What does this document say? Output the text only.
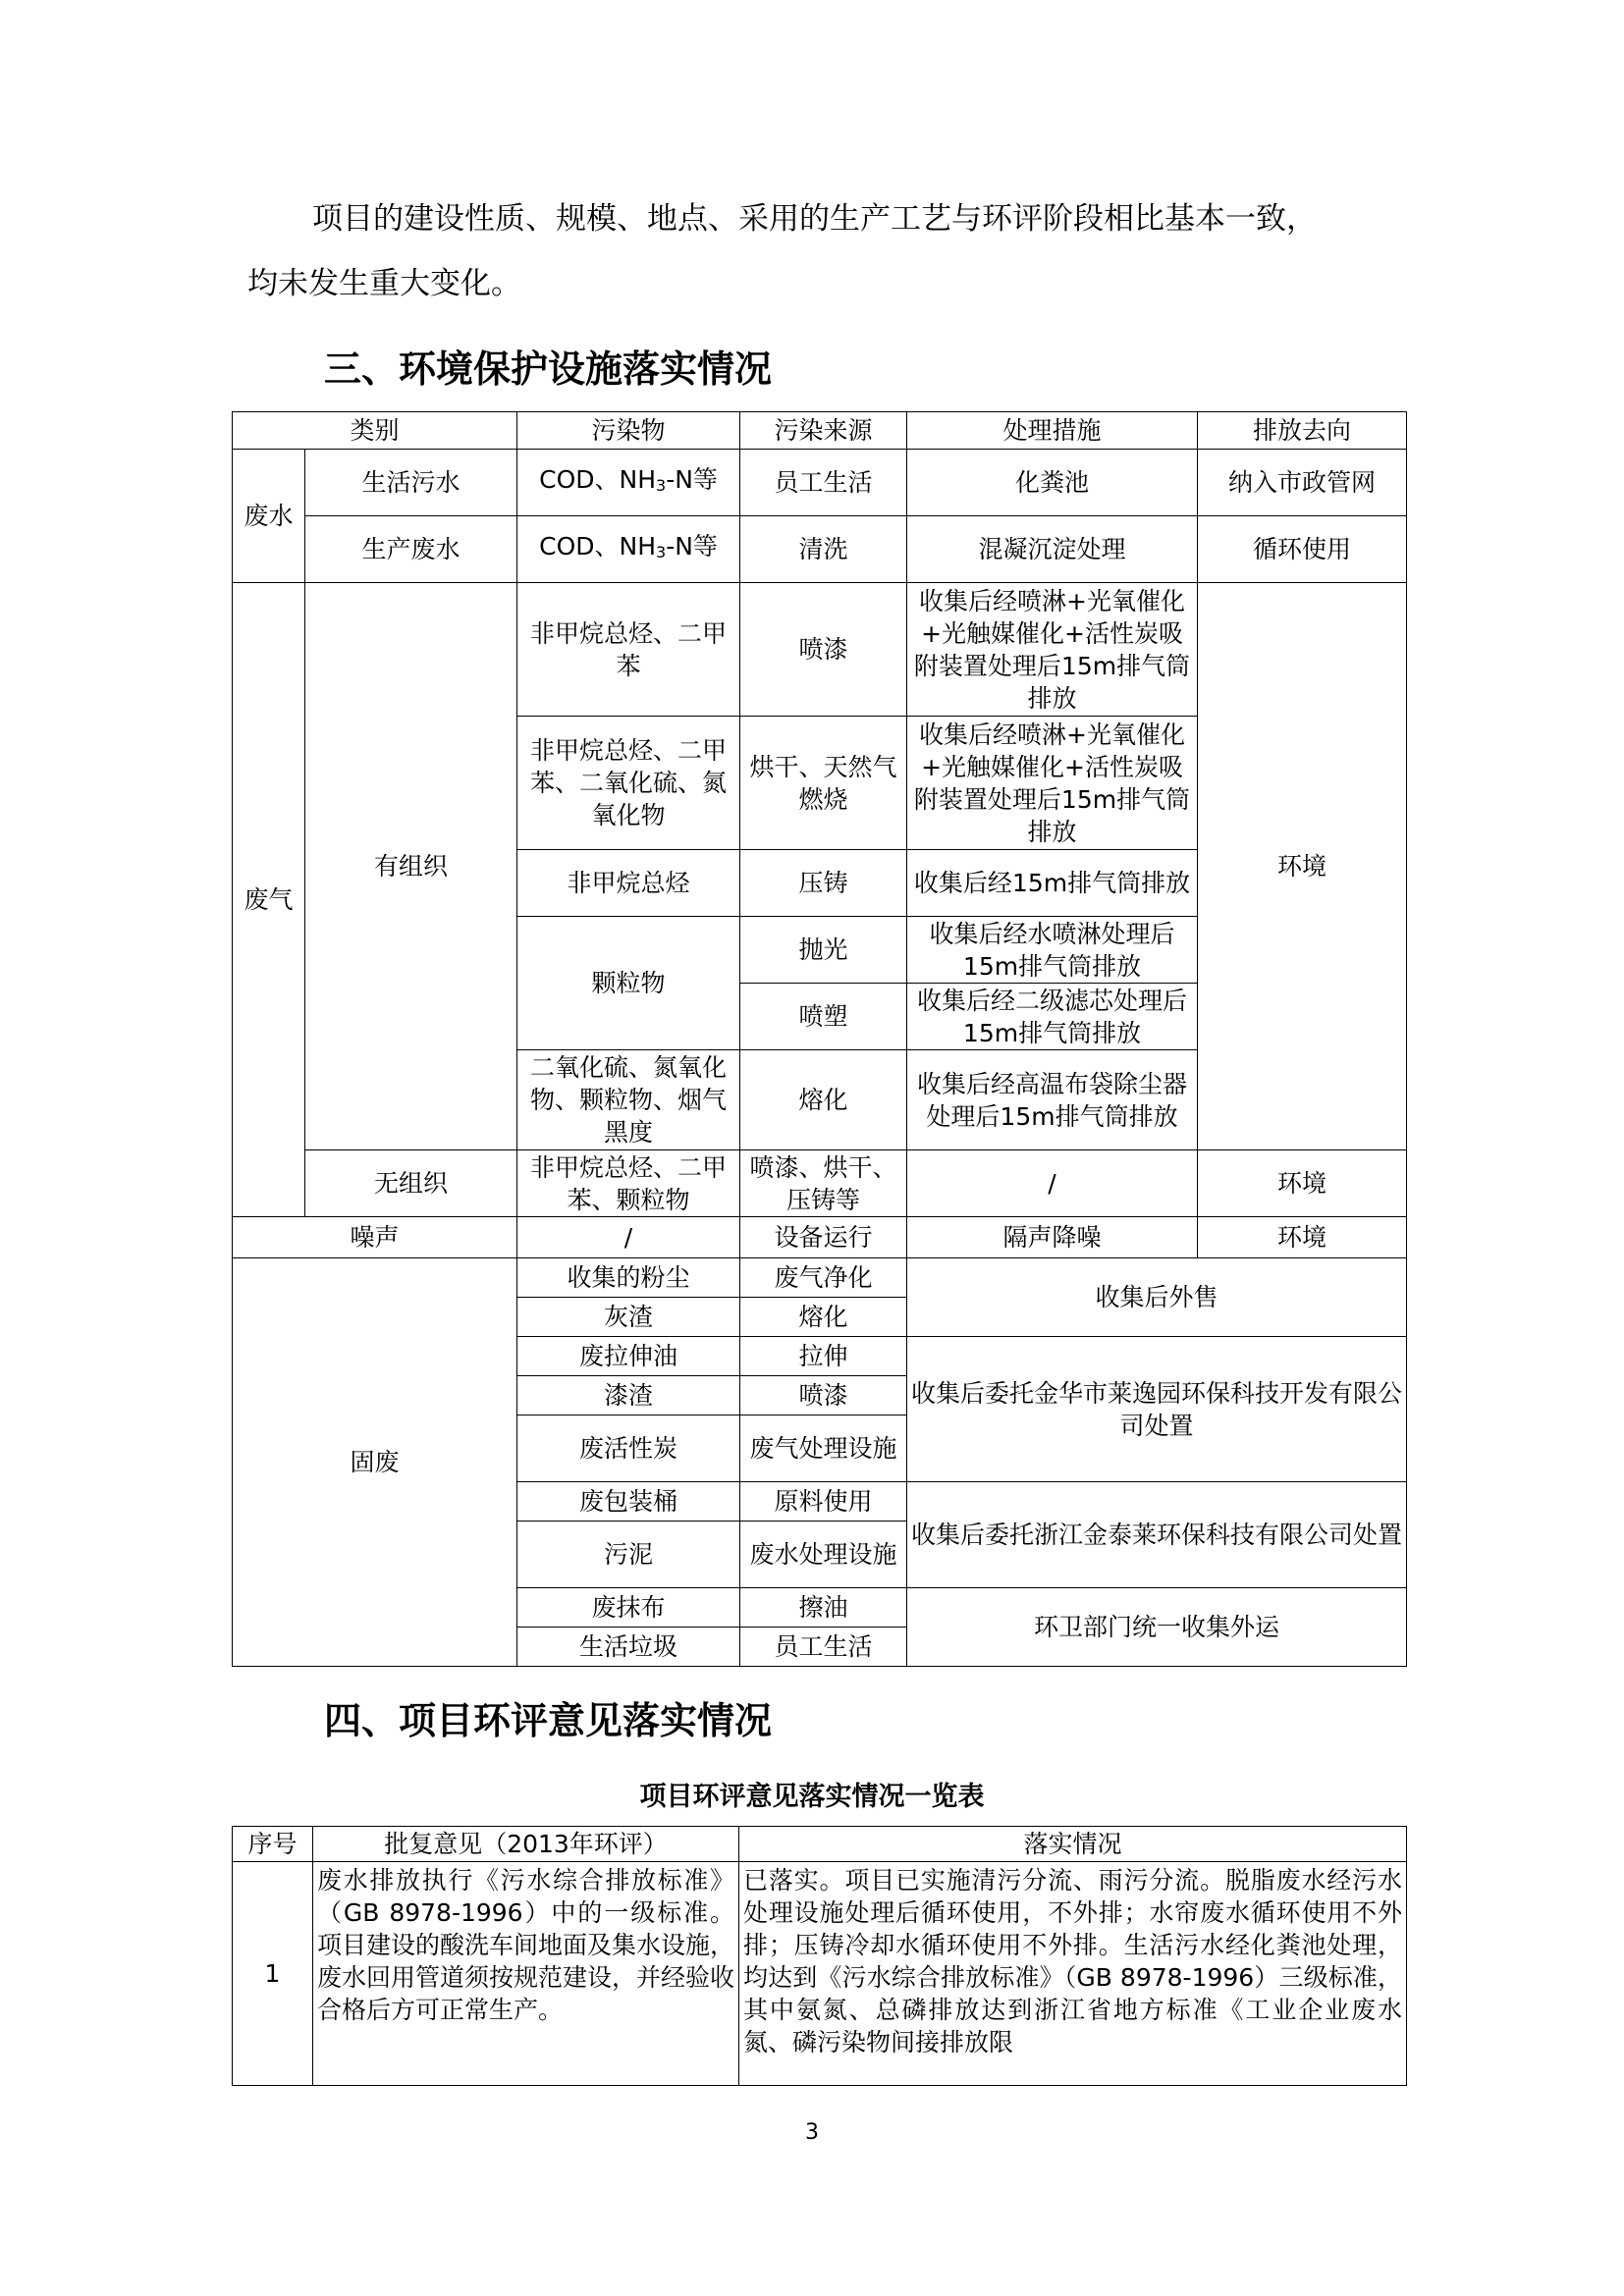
项目的建设性质、规模、地点、采用的生产工艺与环评阶段相比基本一致，
均未发生重大变化。
三、环境保护设施落实情况
类别		污染物	污染来源	处理措施	排放去向
废水	生活污水	COD、$NH_3-N$等	员工生活	化粪池	纳入市政管网
	生产废水	COD、$NH_3-N$等	清洗	混凝沉淀处理	循环使用
废气	有组织	非甲烷总烃、二甲苯	喷漆	收集后经喷淋+光氧催化+光触媒催化+活性炭吸附装置处理后15m排气筒排放	环境
		非甲烷总烃、二甲苯、二氧化硫、氮氧化物	烘干、天然气燃烧	收集后经喷淋+光氧催化+光触媒催化+活性炭吸附装置处理后15m排气筒排放	
		非甲烷总烃	压铸	收集后经15m排气筒排放	
		颗粒物	抛光	收集后经水喷淋处理后15m排气筒排放	
			喷塑	收集后经二级滤芯处理后15m排气筒排放	
		二氧化硫、氮氧化物、颗粒物、烟气黑度	熔化	收集后经高温布袋除尘器处理后15m排气筒排放	
	无组织	非甲烷总烃、二甲苯、颗粒物	喷漆、烘干、压铸等	/	环境
噪声		/	设备运行	隔声降噪	环境
固废		收集的粉尘	废气净化	收集后外售	
		灰渣	熔化		
		废拉伸油	拉伸	收集后委托金华市莱逸园环保科技开发有限公司处置	
		漆渣	喷漆		
		废活性炭	废气处理设施		
		废包装桶	原料使用	收集后委托浙江金泰莱环保科技有限公司处置	
		污泥	废水处理设施		
		废抹布	擦油	环卫部门统一收集外运	
		生活垃圾	员工生活		
四、项目环评意见落实情况
项目环评意见落实情况一览表
序号	批复意见（2013年环评）	落实情况
1	废水排放执行《污水综合排放标准》（GB 8978-1996）中的一级标准。项目建设的酸洗车间地面及集水设施，废水回用管道须按规范建设，并经验收合格后方可正常生产。	已落实。项目已实施清污分流、雨污分流。脱脂废水经污水处理设施处理后循环使用，不外排；水帘废水循环使用不外排；压铸冷却水循环使用不外排。生活污水经化粪池处理，均达到《污水综合排放标准》（GB 8978-1996）三级标准，其中氨氮、总磷排放达到浙江省地方标准《工业企业废水氮、磷污染物间接排放限
3
